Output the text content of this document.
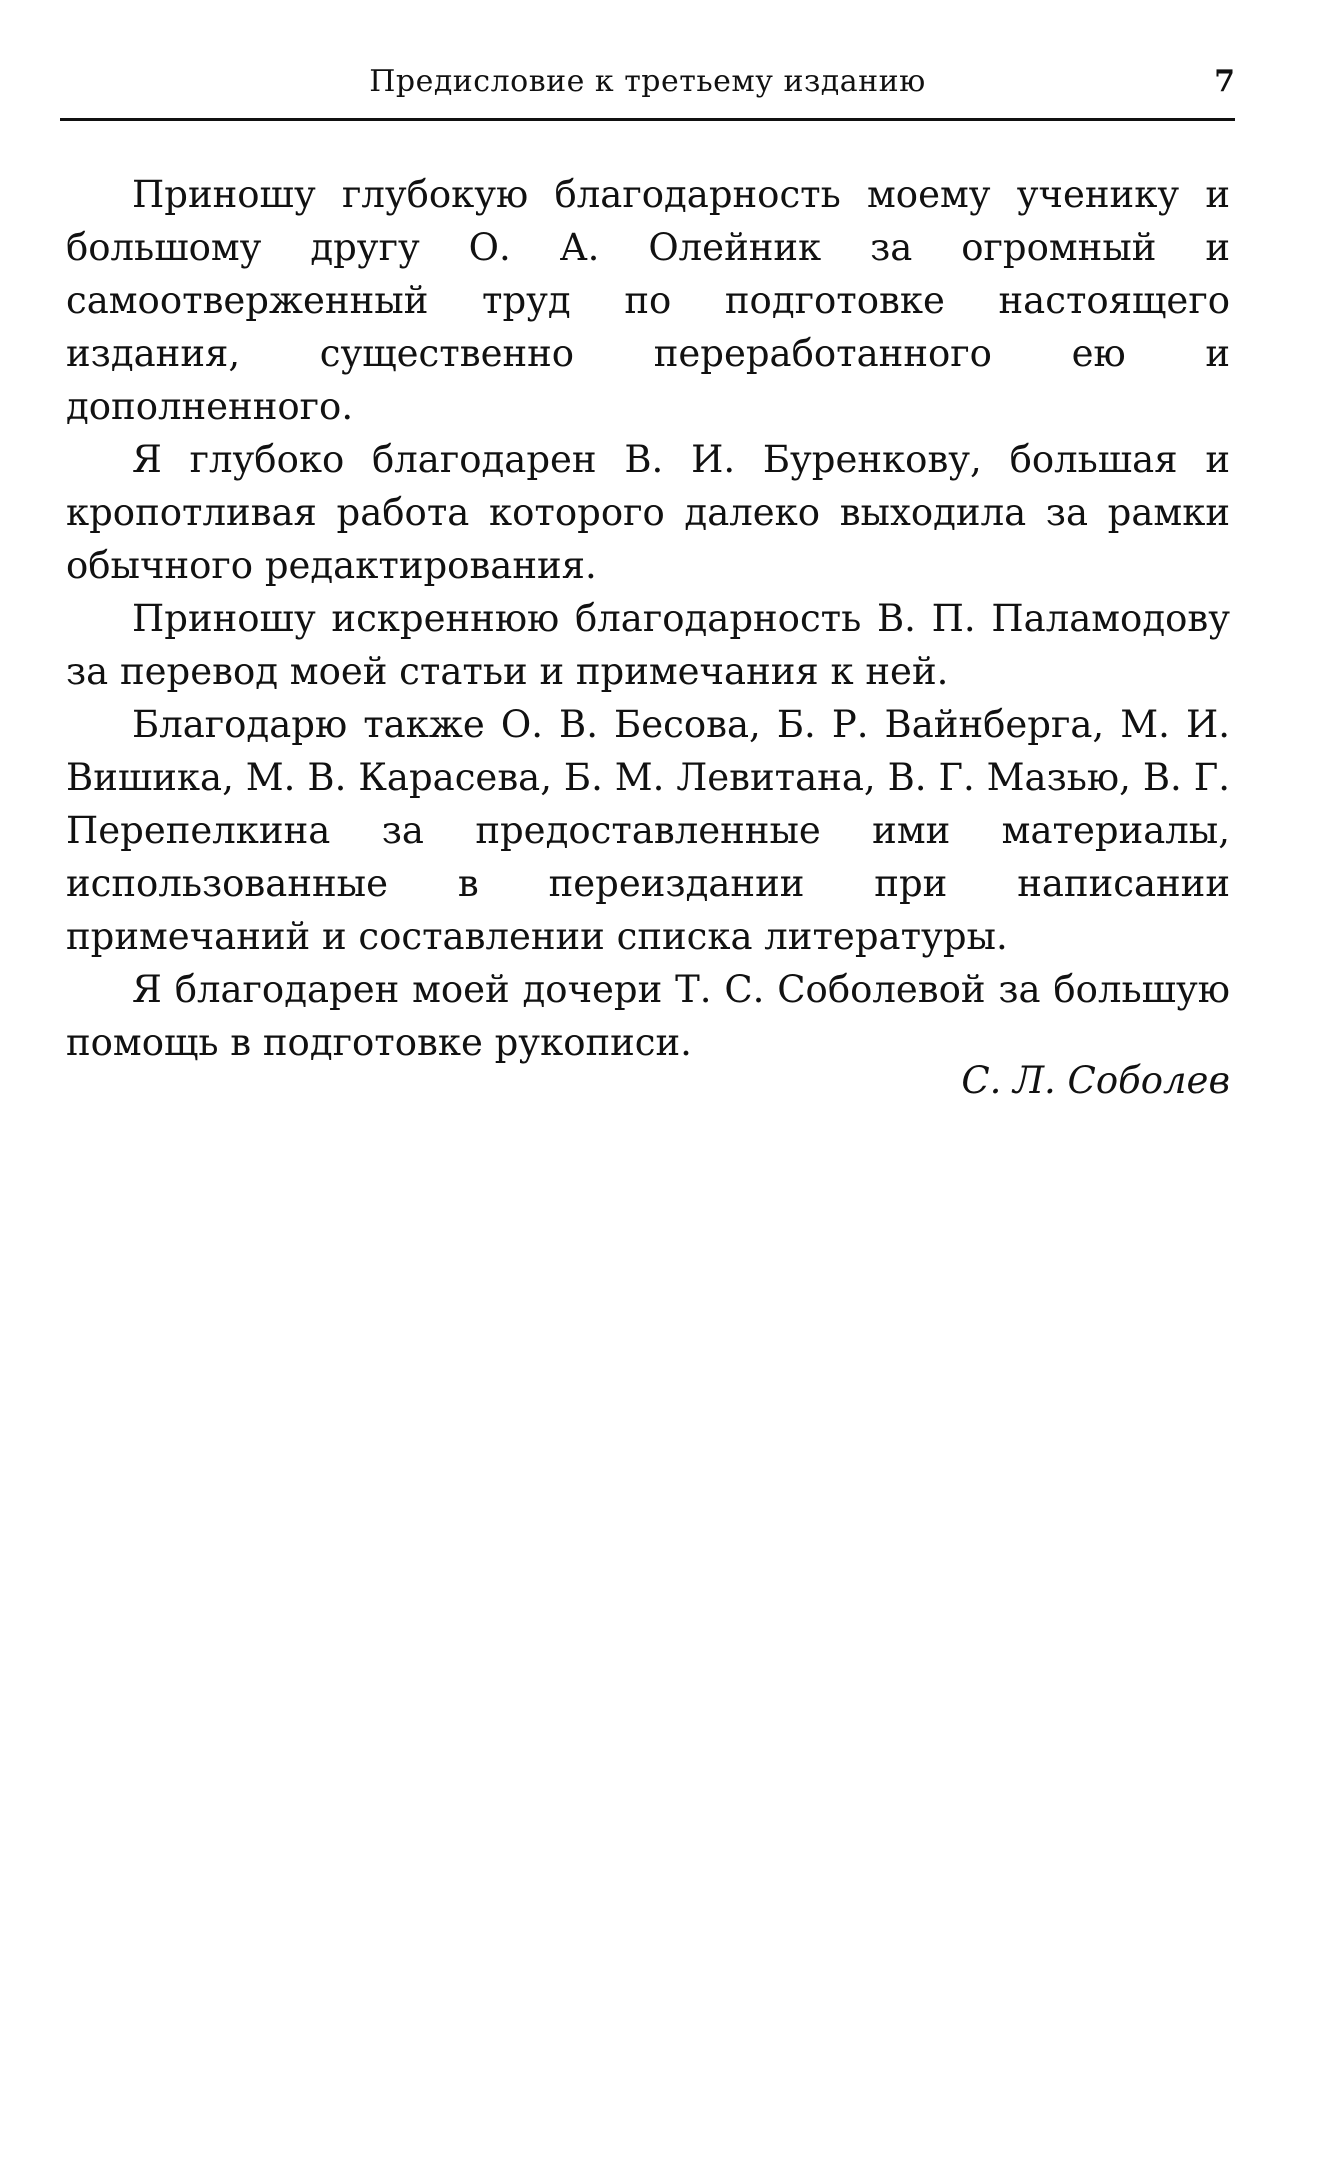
Предисловие к третьему изданию	7

Приношу глубокую благодарность моему ученику и большому другу О. А. Олейник за огромный и самоотверженный труд по подготовке настоящего издания, существенно переработанного ею и дополненного.

Я глубоко благодарен В. И. Буренкову, большая и кропотливая работа которого далеко выходила за рамки обычного редактирования.

Приношу искреннюю благодарность В. П. Паламодову за перевод моей статьи и примечания к ней.

Благодарю также О. В. Бесова, Б. Р. Вайнберга, М. И. Вишика, М. В. Карасева, Б. М. Левитана, В. Г. Мазью, В. Г. Перепелкина за предоставленные ими материалы, использованные в переиздании при написании примечаний и составлении списка литературы.

Я благодарен моей дочери Т. С. Соболевой за большую помощь в подготовке рукописи.

С. Л. Соболев
